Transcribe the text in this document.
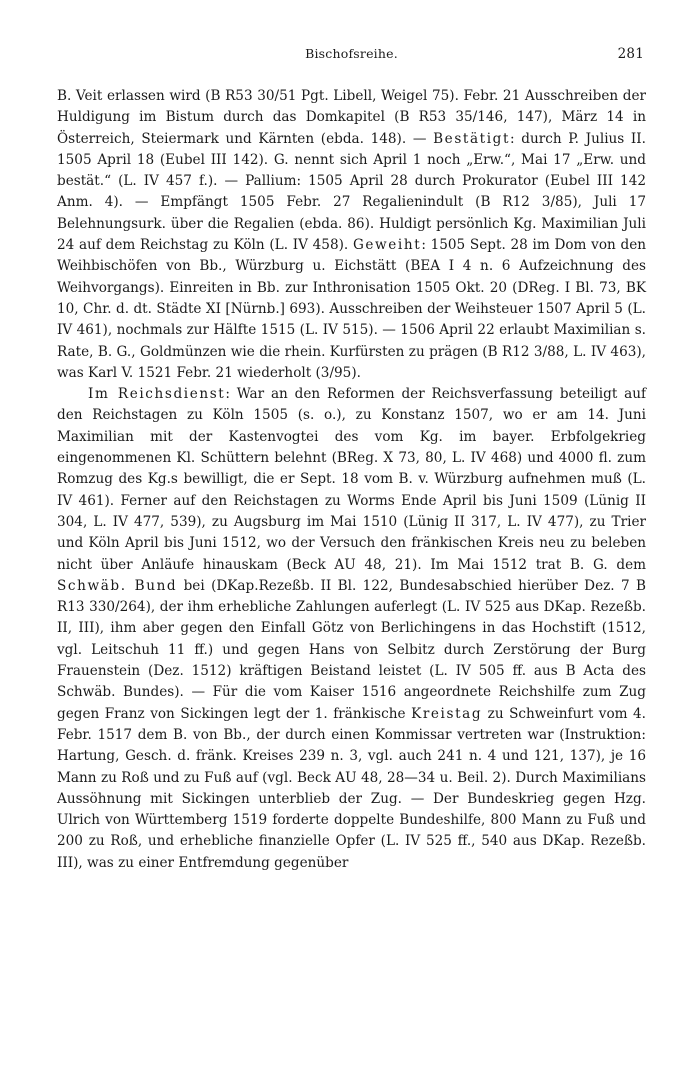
Bischofsreihe.	281

B. Veit erlassen wird (B R53 30/51 Pgt. Libell, Weigel 75). Febr. 21 Ausschreiben der Huldigung im Bistum durch das Domkapitel (B R53 35/146, 147), März 14 in Österreich, Steiermark und Kärnten (ebda. 148). — Bestätigt: durch P. Julius II. 1505 April 18 (Eubel III 142). G. nennt sich April 1 noch „Erw.“, Mai 17 „Erw. und bestät.“ (L. IV 457 f.). — Pallium: 1505 April 28 durch Prokurator (Eubel III 142 Anm. 4). — Empfängt 1505 Febr. 27 Regalienindult (B R12 3/85), Juli 17 Belehnungsurk. über die Regalien (ebda. 86). Huldigt persönlich Kg. Maximilian Juli 24 auf dem Reichstag zu Köln (L. IV 458). Geweiht: 1505 Sept. 28 im Dom von den Weihbischöfen von Bb., Würzburg u. Eichstätt (BEA I 4 n. 6 Aufzeichnung des Weihvorgangs). Einreiten in Bb. zur Inthronisation 1505 Okt. 20 (DReg. I Bl. 73, BK 10, Chr. d. dt. Städte XI [Nürnb.] 693). Ausschreiben der Weihsteuer 1507 April 5 (L. IV 461), nochmals zur Hälfte 1515 (L. IV 515). — 1506 April 22 erlaubt Maximilian s. Rate, B. G., Goldmünzen wie die rhein. Kurfürsten zu prägen (B R12 3/88, L. IV 463), was Karl V. 1521 Febr. 21 wiederholt (3/95).

Im Reichsdienst: War an den Reformen der Reichsverfassung beteiligt auf den Reichstagen zu Köln 1505 (s. o.), zu Konstanz 1507, wo er am 14. Juni Maximilian mit der Kastenvogtei des vom Kg. im bayer. Erbfolgekrieg eingenommenen Kl. Schüttern belehnt (BReg. X 73, 80, L. IV 468) und 4000 fl. zum Romzug des Kg.s bewilligt, die er Sept. 18 vom B. v. Würzburg aufnehmen muß (L. IV 461). Ferner auf den Reichstagen zu Worms Ende April bis Juni 1509 (Lünig II 304, L. IV 477, 539), zu Augsburg im Mai 1510 (Lünig II 317, L. IV 477), zu Trier und Köln April bis Juni 1512, wo der Versuch den fränkischen Kreis neu zu beleben nicht über Anläufe hinauskam (Beck AU 48, 21). Im Mai 1512 trat B. G. dem Schwäb. Bund bei (DKap.Rezeßb. II Bl. 122, Bundesabschied hierüber Dez. 7 B R13 330/264), der ihm erhebliche Zahlungen auferlegt (L. IV 525 aus DKap. Rezeßb. II, III), ihm aber gegen den Einfall Götz von Berlichingens in das Hochstift (1512, vgl. Leitschuh 11 ff.) und gegen Hans von Selbitz durch Zerstörung der Burg Frauenstein (Dez. 1512) kräftigen Beistand leistet (L. IV 505 ff. aus B Acta des Schwäb. Bundes). — Für die vom Kaiser 1516 angeordnete Reichshilfe zum Zug gegen Franz von Sickingen legt der 1. fränkische Kreistag zu Schweinfurt vom 4. Febr. 1517 dem B. von Bb., der durch einen Kommissar vertreten war (Instruktion: Hartung, Gesch. d. fränk. Kreises 239 n. 3, vgl. auch 241 n. 4 und 121, 137), je 16 Mann zu Roß und zu Fuß auf (vgl. Beck AU 48, 28—34 u. Beil. 2). Durch Maximilians Aussöhnung mit Sickingen unterblieb der Zug. — Der Bundeskrieg gegen Hzg. Ulrich von Württemberg 1519 forderte doppelte Bundeshilfe, 800 Mann zu Fuß und 200 zu Roß, und erhebliche finanzielle Opfer (L. IV 525 ff., 540 aus DKap. Rezeßb. III), was zu einer Entfremdung gegenüber
